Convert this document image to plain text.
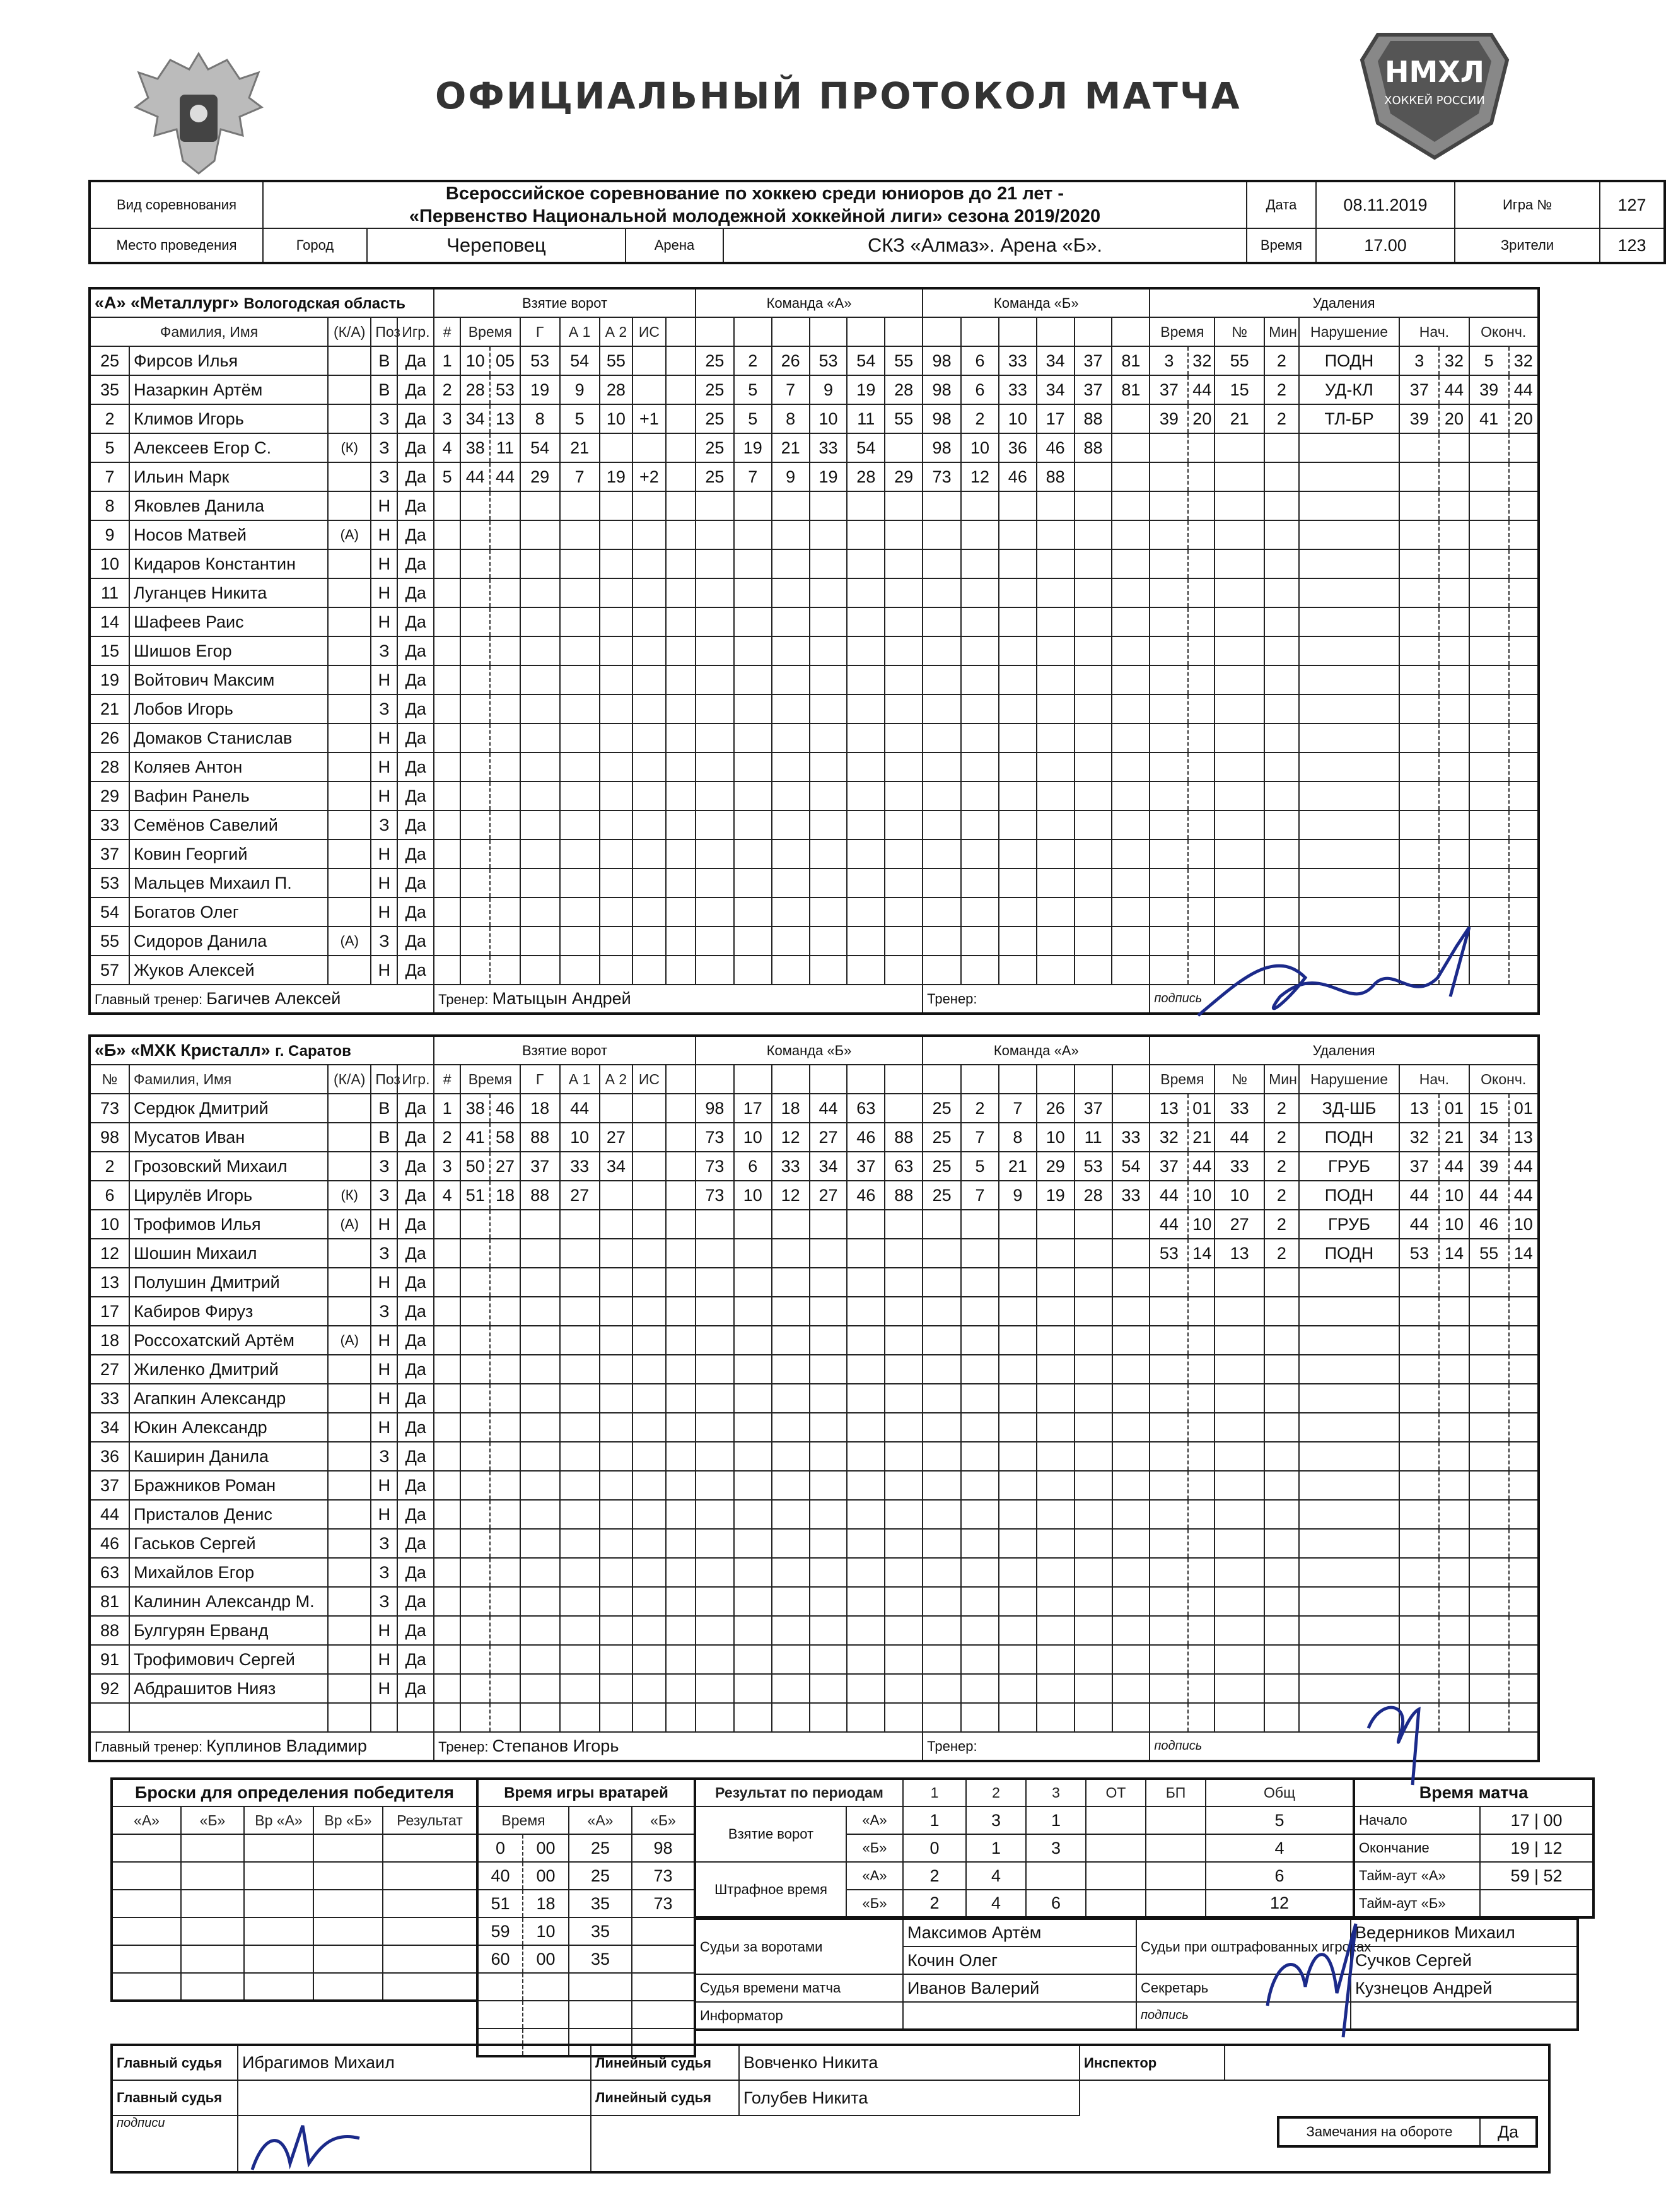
ОФИЦИАЛЬНЫЙ ПРОТОКОЛ МАТЧА
НМХЛ
ХОККЕЙ РОССИИ
Вид соревнования	Всероссийское соревнование по хоккею среди юниоров до 21 лет -
«Первенство Национальной молодежной хоккейной лиги» сезона 2019/2020				Дата	08.11.2019	Игра №	127
Место проведения	Город	Череповец	Арена	СКЗ «Алмаз». Арена «Б».	Время	17.00	Зрители	123
«А» «Металлург» Вологодская область					Взятие ворот								Команда «А»						Команда «Б»						Удаления								
Фамилия, Имя		(К/А)	Поз	Игр.	#	Время		Г	А 1	А 2	ИС														Время		№	Мин	Нарушение	Нач.		Оконч.	
25	Фирсов Илья		В	Да	1	10	05	53	54	55			25	2	26	53	54	55	98	6	33	34	37	81	3	32	55	2	ПОДН	3	32	5	32
35	Назаркин Артём		В	Да	2	28	53	19	9	28			25	5	7	9	19	28	98	6	33	34	37	81	37	44	15	2	УД-КЛ	37	44	39	44
2	Климов Игорь		З	Да	3	34	13	8	5	10	+1		25	5	8	10	11	55	98	2	10	17	88		39	20	21	2	ТЛ-БР	39	20	41	20
5	Алексеев Егор С.	(К)	З	Да	4	38	11	54	21				25	19	21	33	54		98	10	36	46	88										
7	Ильин Марк		З	Да	5	44	44	29	7	19	+2		25	7	9	19	28	29	73	12	46	88											
8	Яковлев Данила		Н	Да																													
9	Носов Матвей	(А)	Н	Да																													
10	Кидаров Константин		Н	Да																													
11	Луганцев Никита		Н	Да																													
14	Шафеев Раис		Н	Да																													
15	Шишов Егор		З	Да																													
19	Войтович Максим		Н	Да																													
21	Лобов Игорь		З	Да																													
26	Домаков Станислав		Н	Да																													
28	Коляев Антон		Н	Да																													
29	Вафин Ранель		Н	Да																													
33	Семёнов Савелий		З	Да																													
37	Ковин Георгий		Н	Да																													
53	Мальцев Михаил П.		Н	Да																													
54	Богатов Олег		Н	Да																													
55	Сидоров Данила	(А)	З	Да																													
57	Жуков Алексей		Н	Да																													
Главный тренер: Багичев Алексей					Тренер: Матыцын Андрей														Тренер:						подпись								
«Б» «МХК Кристалл» г. Саратов					Взятие ворот								Команда «Б»						Команда «А»						Удаления								
№	Фамилия, Имя	(К/А)	Поз	Игр.	#	Время		Г	А 1	А 2	ИС														Время		№	Мин	Нарушение	Нач.		Оконч.	
73	Сердюк Дмитрий		В	Да	1	38	46	18	44				98	17	18	44	63		25	2	7	26	37		13	01	33	2	ЗД-ШБ	13	01	15	01
98	Мусатов Иван		В	Да	2	41	58	88	10	27			73	10	12	27	46	88	25	7	8	10	11	33	32	21	44	2	ПОДН	32	21	34	13
2	Грозовский Михаил		З	Да	3	50	27	37	33	34			73	6	33	34	37	63	25	5	21	29	53	54	37	44	33	2	ГРУБ	37	44	39	44
6	Цирулёв Игорь	(К)	З	Да	4	51	18	88	27				73	10	12	27	46	88	25	7	9	19	28	33	44	10	10	2	ПОДН	44	10	44	44
10	Трофимов Илья	(А)	Н	Да																					44	10	27	2	ГРУБ	44	10	46	10
12	Шошин Михаил		З	Да																					53	14	13	2	ПОДН	53	14	55	14
13	Полушин Дмитрий		Н	Да																													
17	Кабиров Фируз		З	Да																													
18	Россохатский Артём	(А)	Н	Да																													
27	Жиленко Дмитрий		Н	Да																													
33	Агапкин Александр		Н	Да																													
34	Юкин Александр		Н	Да																													
36	Каширин Данила		З	Да																													
37	Бражников Роман		Н	Да																													
44	Присталов Денис		Н	Да																													
46	Гаськов Сергей		З	Да																													
63	Михайлов Егор		З	Да																													
81	Калинин Александр М.		З	Да																													
88	Булгурян Ерванд		Н	Да																													
91	Трофимович Сергей		Н	Да																													
92	Абдрашитов Нияз		Н	Да																													

Главный тренер: Куплинов Владимир					Тренер: Степанов Игорь														Тренер:						подпись								
Броски для определения победителя				
«А»	«Б»	Вр «А»	Вр «Б»	Результат

Время игры вратарей			
Время		«А»	«Б»
0	00	25	98
40	00	25	73
51	18	35	73
59	10	35	
60	00	35	

Результат по периодам		1	2	3	ОТ	БП	Общ
Взятие ворот	«А»	1	3	1			5
	«Б»	0	1	3			4
Штрафное время	«А»	2	4				6
	«Б»	2	4	6			12
Время матча	
Начало	17 | 00
Окончание	19 | 12
Тайм-аут «А»	59 | 52
Тайм-аут «Б»	
Судьи за воротами	Максимов Артём	Судьи при оштрафованных игроках	Ведерников Михаил
	Кочин Олег		Сучков Сергей
Судья времени матча	Иванов Валерий	Секретарь	Кузнецов Андрей
Информатор		подпись	
Главный судья	Ибрагимов Михаил	Линейный судья	Вовченко Никита	Инспектор	
Главный судья		Линейный судья	Голубев Никита		
подписи					
Замечания на обороте	Да
